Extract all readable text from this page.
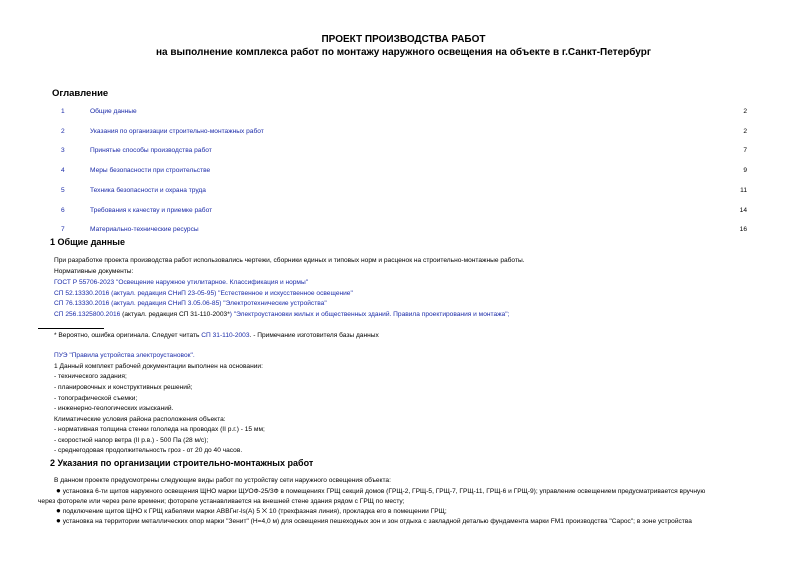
ПРОЕКТ ПРОИЗВОДСТВА РАБОТ
на выполнение комплекса работ по монтажу наружного освещения на объекте в г.Санкт-Петербург
Оглавление
1	Общие данные	2
2	Указания по организации строительно-монтажных работ	2
3	Принятые способы производства работ	7
4	Меры безопасности при строительстве	9
5	Техника безопасности и охрана труда	11
6	Требования к качеству и приемке работ	14
7	Материально-технические ресурсы	16
1 Общие данные
При разработке проекта производства работ использовались чертежи, сборники единых и типовых норм и расценок на строительно-монтажные работы.
Нормативные документы:
ГОСТ Р 55706-2023 "Освещение наружное утилитарное. Классификация и нормы"
СП 52.13330.2016 (актуал. редакция СНиП 23-05-95) "Естественное и искусственное освещение"
СП 76.13330.2016 (актуал. редакция СНиП 3.05.06-85) "Электротехнические устройства"
СП 256.1325800.2016 (актуал. редакция СП 31-110-2003*) "Электроустановки жилых и общественных зданий. Правила проектирования и монтажа";
* Вероятно, ошибка оригинала. Следует читать СП 31-110-2003. - Примечание изготовителя базы данных
ПУЭ "Правила устройства электроустановок".
1 Данный комплект рабочей документации выполнен на основании:
- технического задания;
- планировочных и конструктивных решений;
- топографической съемки;
- инженерно-геологических изысканий.
Климатические условия района расположения объекта:
- нормативная толщина стенки гололеда на проводах (II р.г.) - 15 мм;
- скоростной напор ветра (II р.в.) - 500 Па (28 м/с);
- среднегодовая продолжительность гроз - от 20 до 40 часов.
2 Указания по организации строительно-монтажных работ
В данном проекте предусмотрены следующие виды работ по устройству сети наружного освещения объекта:
● установка 6-ти щитов наружного освещения ЩНО марки ЩУОФ-25/3Ф в помещениях ГРЩ секций домов (ГРЩ-2, ГРЩ-5, ГРЩ-7, ГРЩ-11, ГРЩ-6 и ГРЩ-9); управление освещением предусматривается вручную
через фотореле или через реле времени; фотореле устанавливается на внешней стене здания рядом с ГРЩ по месту;
● подключение щитов ЩНО к ГРЩ кабелями марки АВВГнг-ls(А) 5 ⨉ 10 (трехфазная линия), прокладка его в помещении ГРЩ;
● установка на территории металлических опор марки "Зенит" (Н=4,0 м) для освещения пешеходных зон и зон отдыха с закладной деталью фундамента марки FM1 производства "Сарос"; в зоне устройства
